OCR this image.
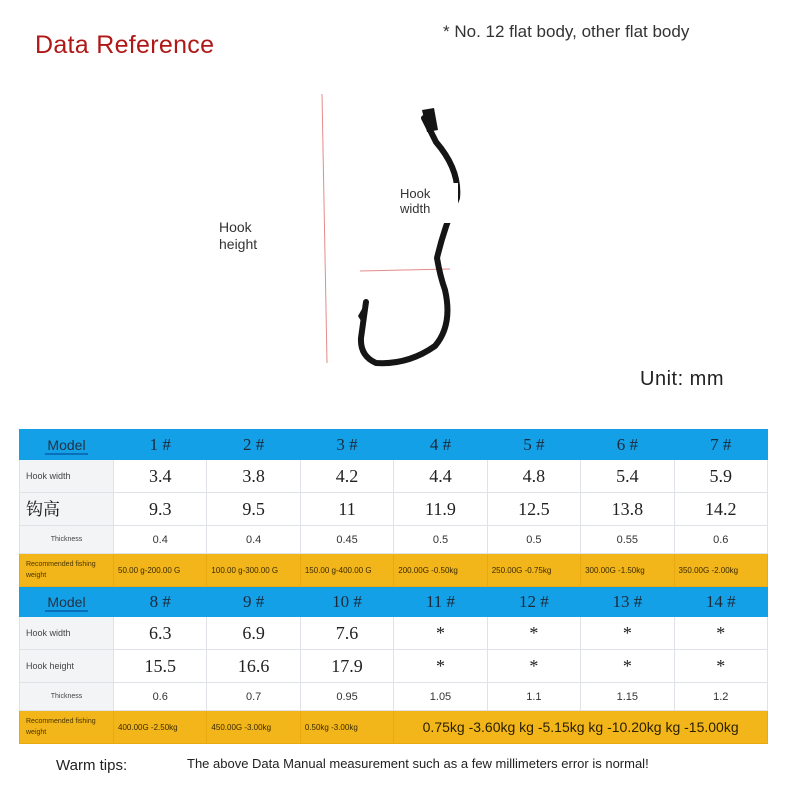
Data Reference	* No. 12 flat body, other flat body
Hook height
Hook width
Unit: mm
Model	1 #	2 #	3 #	4 #	5 #	6 #	7 #
Hook width	3.4	3.8	4.2	4.4	4.8	5.4	5.9
钩高	9.3	9.5	11	11.9	12.5	13.8	14.2
Thickness	0.4	0.4	0.45	0.5	0.5	0.55	0.6
Recommended fishing weight	50.00 g-200.00 G	100.00 g-300.00 G	150.00 g-400.00 G	200.00G -0.50kg	250.00G -0.75kg	300.00G -1.50kg	350.00G -2.00kg
Model	8 #	9 #	10 #	11 #	12 #	13 #	14 #
Hook width	6.3	6.9	7.6	*	*	*	*
Hook height	15.5	16.6	17.9	*	*	*	*
Thickness	0.6	0.7	0.95	1.05	1.1	1.15	1.2
Recommended fishing weight	400.00G -2.50kg	450.00G -3.00kg	0.50kg -3.00kg	0.75kg -3.60kg kg -5.15kg kg -10.20kg kg -15.00kg			
Warm tips:	The above Data Manual measurement such as a few millimeters error is normal!
